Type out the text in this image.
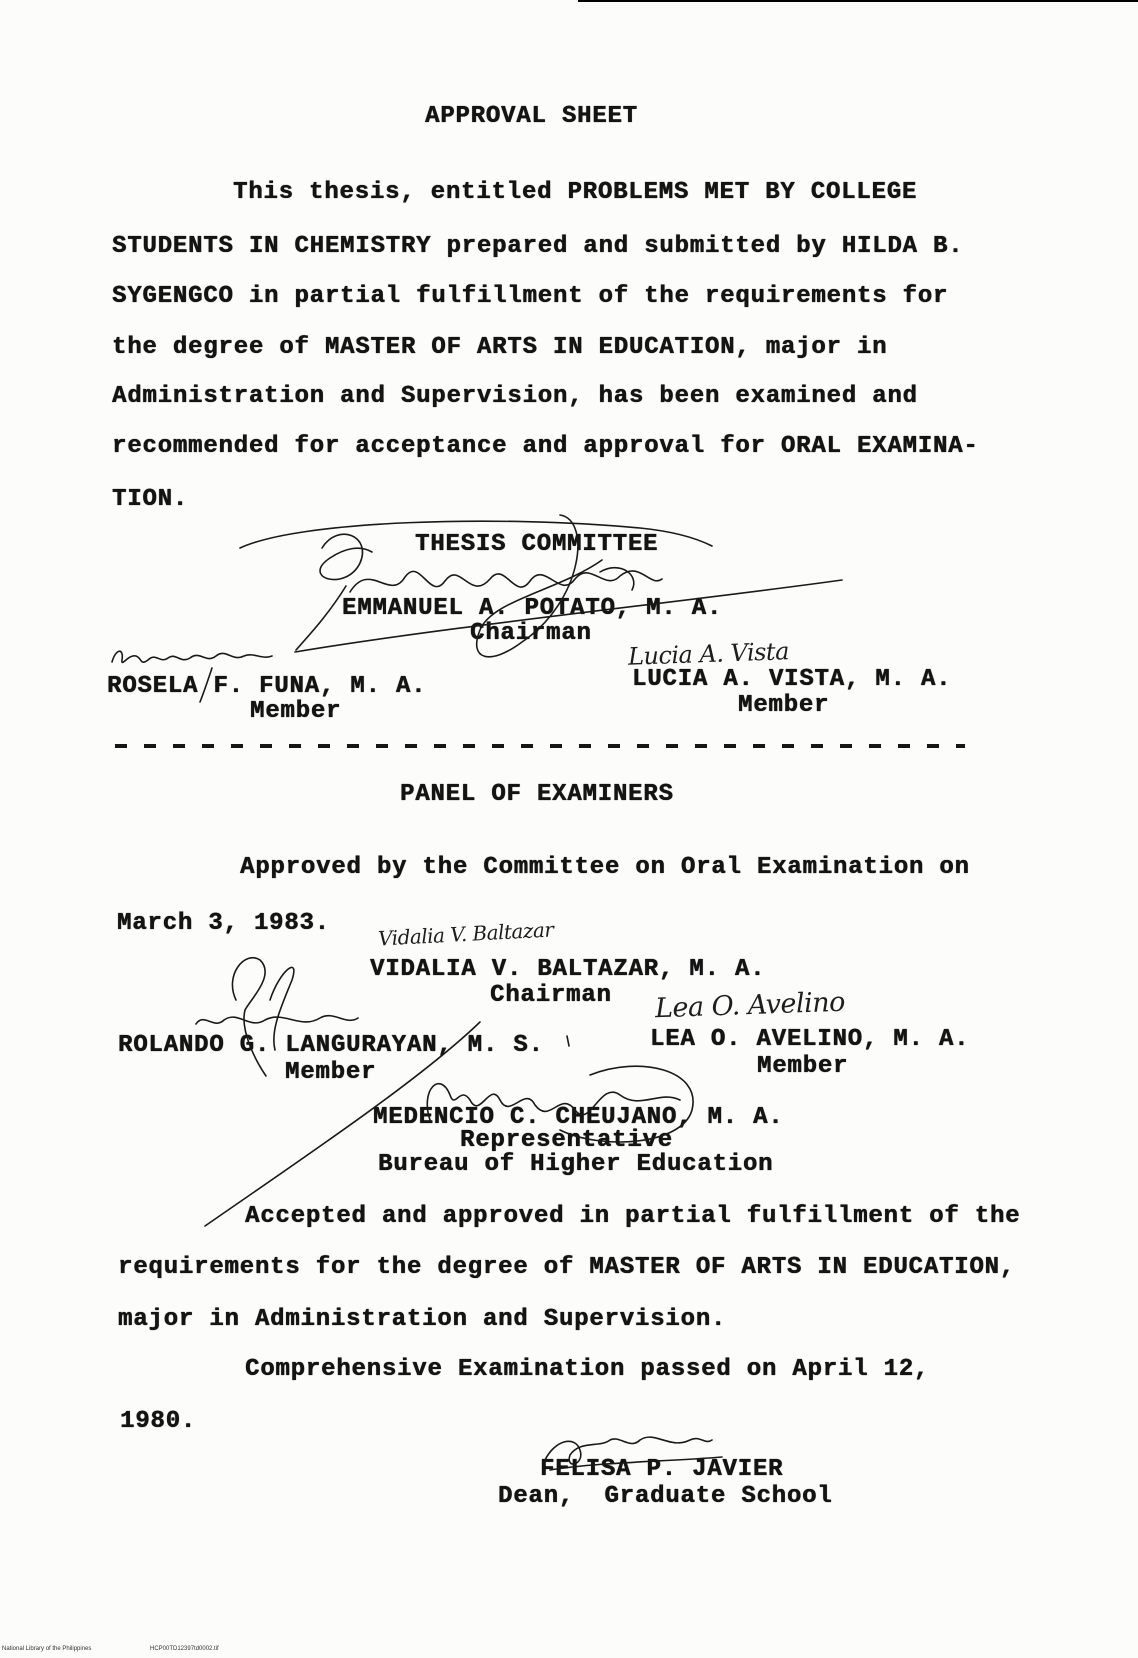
APPROVAL SHEET
This thesis, entitled PROBLEMS MET BY COLLEGE
STUDENTS IN CHEMISTRY prepared and submitted by HILDA B.
SYGENGCO in partial fulfillment of the requirements for
the degree of MASTER OF ARTS IN EDUCATION, major in
Administration and Supervision, has been examined and
recommended for acceptance and approval for ORAL EXAMINA-
TION.
THESIS COMMITTEE
EMMANUEL A. POTATO, M. A.
Chairman
Lucia A. Vista
ROSELA F. FUNA, M. A.
Member
LUCIA A. VISTA, M. A.
Member
PANEL OF EXAMINERS
Approved by the Committee on Oral Examination on
March 3, 1983. Vidalia V. Baltazar
VIDALIA V. BALTAZAR, M. A.
Chairman Lea O. Avelino
ROLANDO G. LANGURAYAN, M. S.
Member
LEA O. AVELINO, M. A.
Member
MEDENCIO C. CHEUJANO, M. A.
Representative
Bureau of Higher Education
Accepted and approved in partial fulfillment of the
requirements for the degree of MASTER OF ARTS IN EDUCATION,
major in Administration and Supervision.
Comprehensive Examination passed on April 12,
1980.
FELISA P. JAVIER
Dean,  Graduate School
National Library of the Philippines	HCP00TD12397td0002.tif
